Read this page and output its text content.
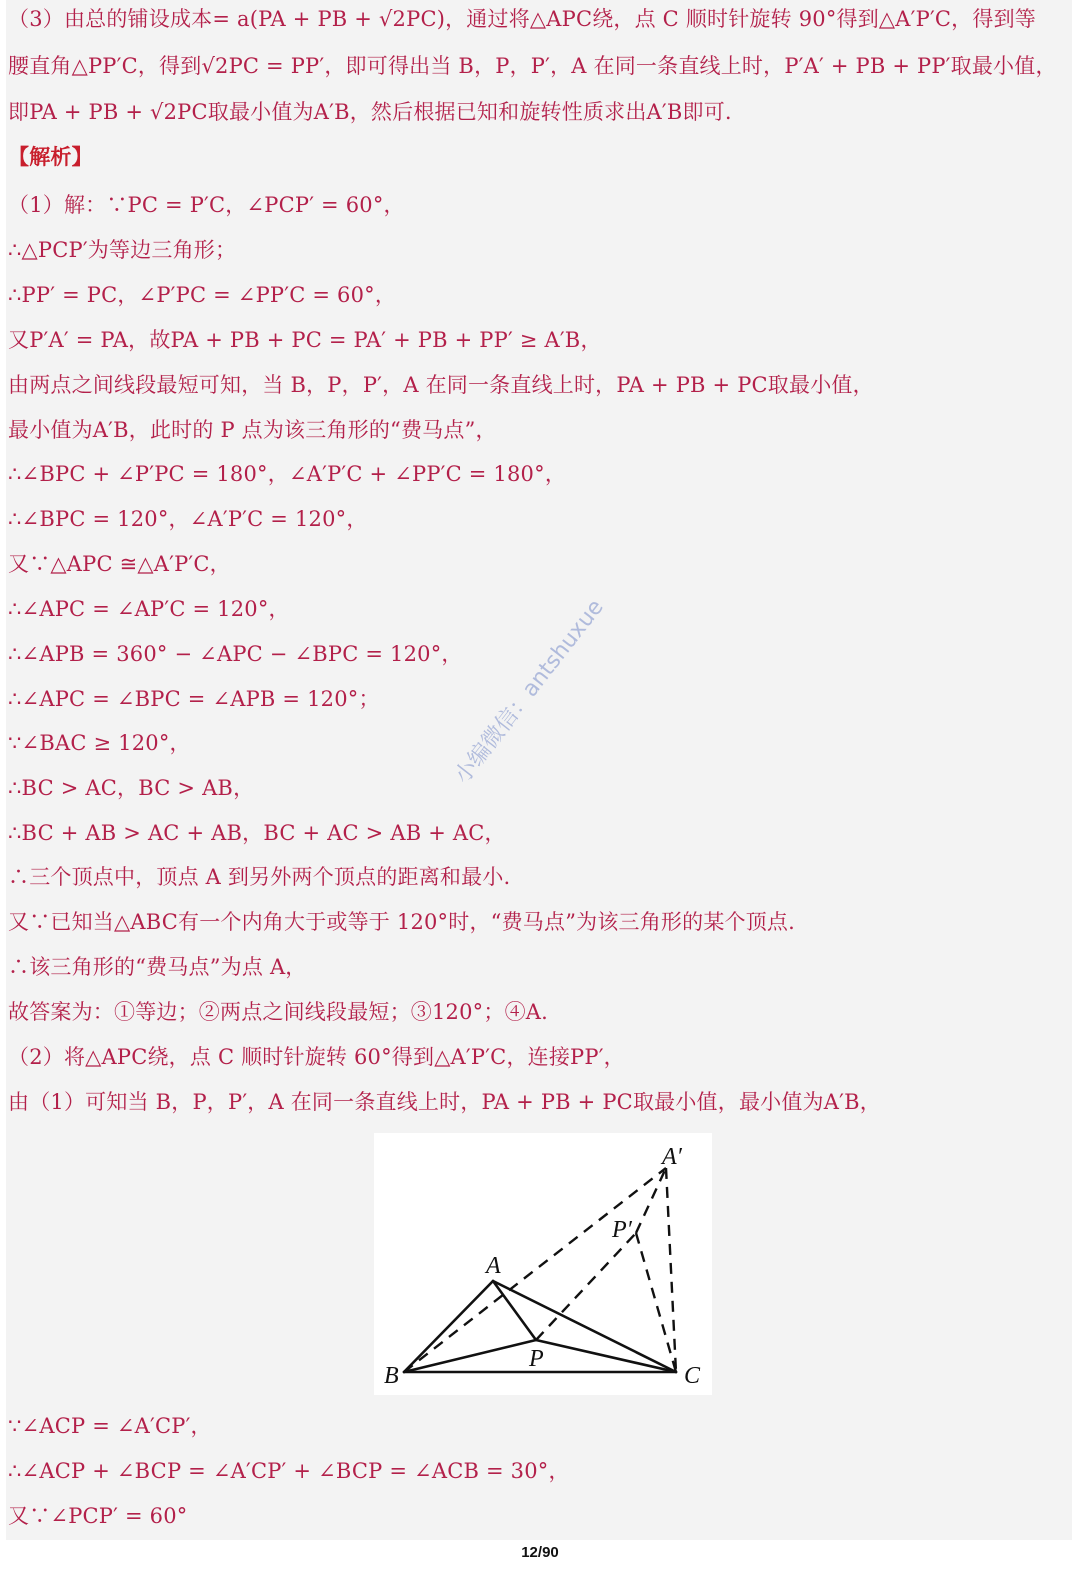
（3）由总的铺设成本= a(PA + PB + √2PC)，通过将△APC绕，点 C 顺时针旋转 90°得到△A′P′C，得到等
腰直角△PP′C，得到√2PC = PP′，即可得出当 B，P，P′，A 在同一条直线上时，P′A′ + PB + PP′取最小值，
即PA + PB + √2PC取最小值为A′B，然后根据已知和旋转性质求出A′B即可.
【解析】
（1）解：∵PC = P′C，∠PCP′ = 60°，
∴△PCP′为等边三角形；
∴PP′ = PC，∠P′PC = ∠PP′C = 60°，
又P′A′ = PA，故PA + PB + PC = PA′ + PB + PP′ ≥ A′B，
由两点之间线段最短可知，当 B，P，P′，A 在同一条直线上时，PA + PB + PC取最小值，
最小值为A′B，此时的 P 点为该三角形的“费马点”，
∴∠BPC + ∠P′PC = 180°，∠A′P′C + ∠PP′C = 180°，
∴∠BPC = 120°，∠A′P′C = 120°，
又∵△APC ≅△A′P′C，
∴∠APC = ∠AP′C = 120°，
∴∠APB = 360° − ∠APC − ∠BPC = 120°，
∴∠APC = ∠BPC = ∠APB = 120°；
∵∠BAC ≥ 120°，
∴BC > AC，BC > AB，
∴BC + AB > AC + AB，BC + AC > AB + AC，
∴三个顶点中，顶点 A 到另外两个顶点的距离和最小.
又∵已知当△ABC有一个内角大于或等于 120°时，“费马点”为该三角形的某个顶点.
∴该三角形的“费马点”为点 A，
故答案为：①等边；②两点之间线段最短；③120°；④A.
（2）将△APC绕，点 C 顺时针旋转 60°得到△A′P′C，连接PP′，
由（1）可知当 B，P，P′，A 在同一条直线上时，PA + PB + PC取最小值，最小值为A′B，
A′
P′
A
P
B	C
∵∠ACP = ∠A′CP′，
∴∠ACP + ∠BCP = ∠A′CP′ + ∠BCP = ∠ACB = 30°，
又∵∠PCP′ = 60°
小编微信：antshuxue
12/90
